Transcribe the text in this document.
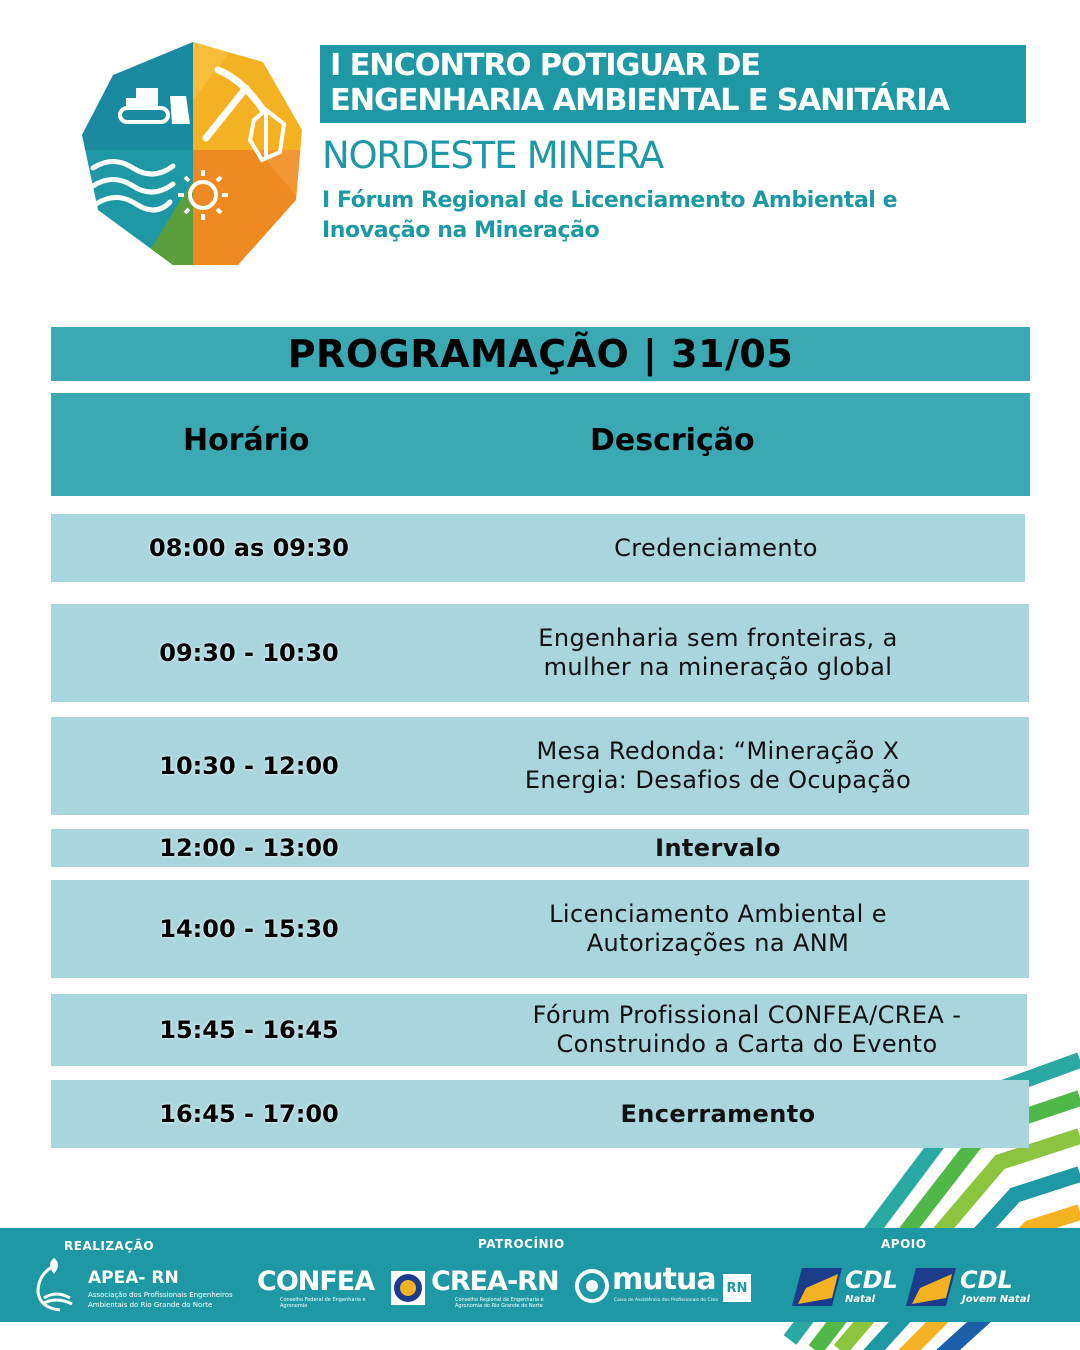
I ENCONTRO POTIGUAR DE
ENGENHARIA AMBIENTAL E SANITÁRIA
NORDESTE MINERA
I Fórum Regional de Licenciamento Ambiental e
Inovação na Mineração
PROGRAMAÇÃO | 31/05
Horário	Descrição
08:00 as 09:30	Credenciamento
09:30 - 10:30
Engenharia sem fronteiras, a mulher na mineração global
10:30 - 12:00
Mesa Redonda: “Mineração X Energia: Desafios de Ocupação
12:00 - 13:00	Intervalo
14:00 - 15:30
Licenciamento Ambiental e Autorizações na ANM
15:45 - 16:45
Fórum Profissional CONFEA/CREA - Construindo a Carta do Evento
16:45 - 17:00	Encerramento
REALIZAÇÃO	PATROCÍNIO	APOIO
APEA- RN
Associação dos Profissionais Engenheiros Ambientais do Rio Grande do Norte
CONFEA
Conselho Federal de Engenharia e Agronomia
CREA-RN
Conselho Regional de Engenharia e Agronomia do Rio Grande do Norte
mutua
Caixa de Assistência dos Profissionais do Crea
RN	CDL
Natal
CDL
Jovem Natal
